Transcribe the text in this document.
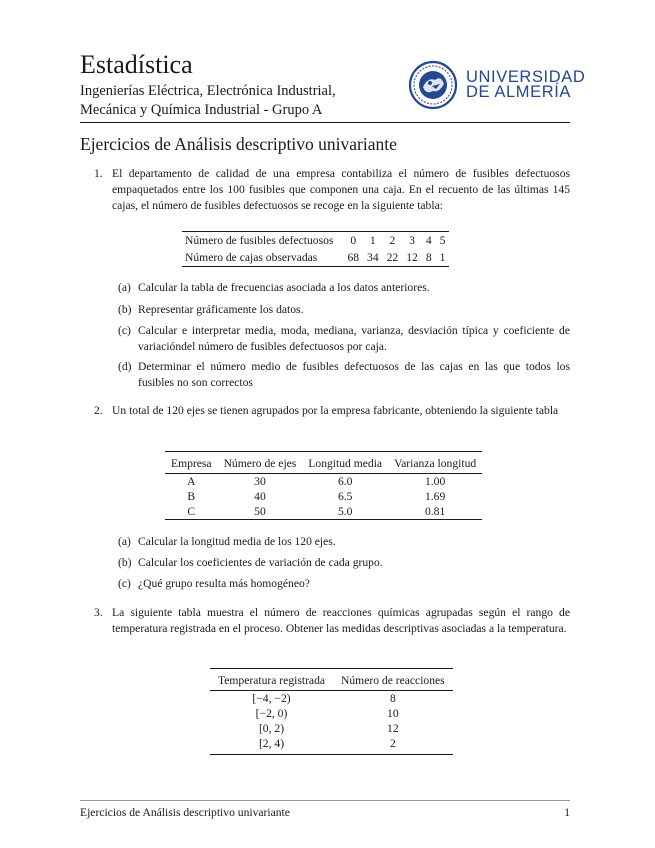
Estadística
Ingenierías Eléctrica, Electrónica Industrial,
Mecánica y Química Industrial - Grupo A
UNIVERSIDAD
DE ALMERÍA
Ejercicios de Análisis descriptivo univariante
1. El departamento de calidad de una empresa contabiliza el número de fusibles defectuosos empaquetados entre los 100 fusibles que componen una caja. En el recuento de las últimas 145 cajas, el número de fusibles defectuosos se recoge en la siguiente tabla:
Número de fusibles defectuosos	0	1	2	3	4	5
Número de cajas observadas	68	34	22	12	8	1
(a) Calcular la tabla de frecuencias asociada a los datos anteriores.
(b) Representar gráficamente los datos.
(c) Calcular e interpretar media, moda, mediana, varianza, desviación típica y coeficiente de variacióndel número de fusibles defectuosos por caja.
(d) Determinar el número medio de fusibles defectuosos de las cajas en las que todos los fusibles no son correctos
2. Un total de 120 ejes se tienen agrupados por la empresa fabricante, obteniendo la siguiente tabla
Empresa	Número de ejes	Longitud media	Varianza longitud
A	30	6.0	1.00
B	40	6.5	1.69
C	50	5.0	0.81
(a) Calcular la longitud media de los 120 ejes.
(b) Calcular los coeficientes de variación de cada grupo.
(c) ¿Qué grupo resulta más homogéneo?
3. La siguiente tabla muestra el número de reacciones químicas agrupadas según el rango de temperatura registrada en el proceso. Obtener las medidas descriptivas asociadas a la temperatura.
Temperatura registrada	Número de reacciones
[−4, −2)	8
[−2, 0)	10
[0, 2)	12
[2, 4)	2
Ejercicios de Análisis descriptivo univariante	1
